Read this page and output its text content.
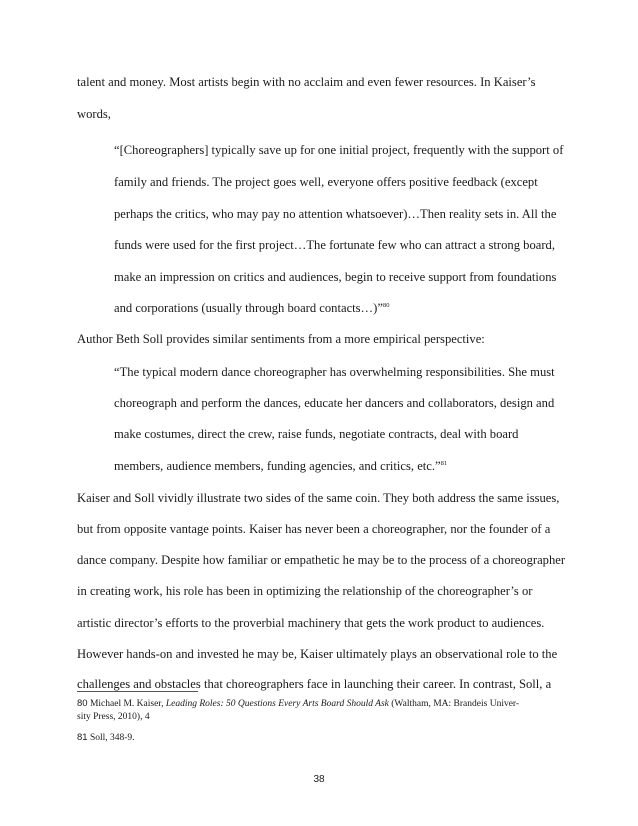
talent and money. Most artists begin with no acclaim and even fewer resources. In Kaiser’s
words,
“[Choreographers] typically save up for one initial project, frequently with the support of
family and friends. The project goes well, everyone offers positive feedback (except
perhaps the critics, who may pay no attention whatsoever)…Then reality sets in. All the
funds were used for the first project…The fortunate few who can attract a strong board,
make an impression on critics and audiences, begin to receive support from foundations
and corporations (usually through board contacts…)”$^{80}$
Author Beth Soll provides similar sentiments from a more empirical perspective:
“The typical modern dance choreographer has overwhelming responsibilities. She must
choreograph and perform the dances, educate her dancers and collaborators, design and
make costumes, direct the crew, raise funds, negotiate contracts, deal with board
members, audience members, funding agencies, and critics, etc.”$^{81}$
Kaiser and Soll vividly illustrate two sides of the same coin. They both address the same issues,
but from opposite vantage points. Kaiser has never been a choreographer, nor the founder of a
dance company. Despite how familiar or empathetic he may be to the process of a choreographer
in creating work, his role has been in optimizing the relationship of the choreographer’s or
artistic director’s efforts to the proverbial machinery that gets the work product to audiences.
However hands-on and invested he may be, Kaiser ultimately plays an observational role to the
challenges and obstacles that choreographers face in launching their career. In contrast, Soll, a
80 Michael M. Kaiser, Leading Roles: 50 Questions Every Arts Board Should Ask (Waltham, MA: Brandeis Univer-
sity Press, 2010), 4
81 Soll, 348-9.
38
